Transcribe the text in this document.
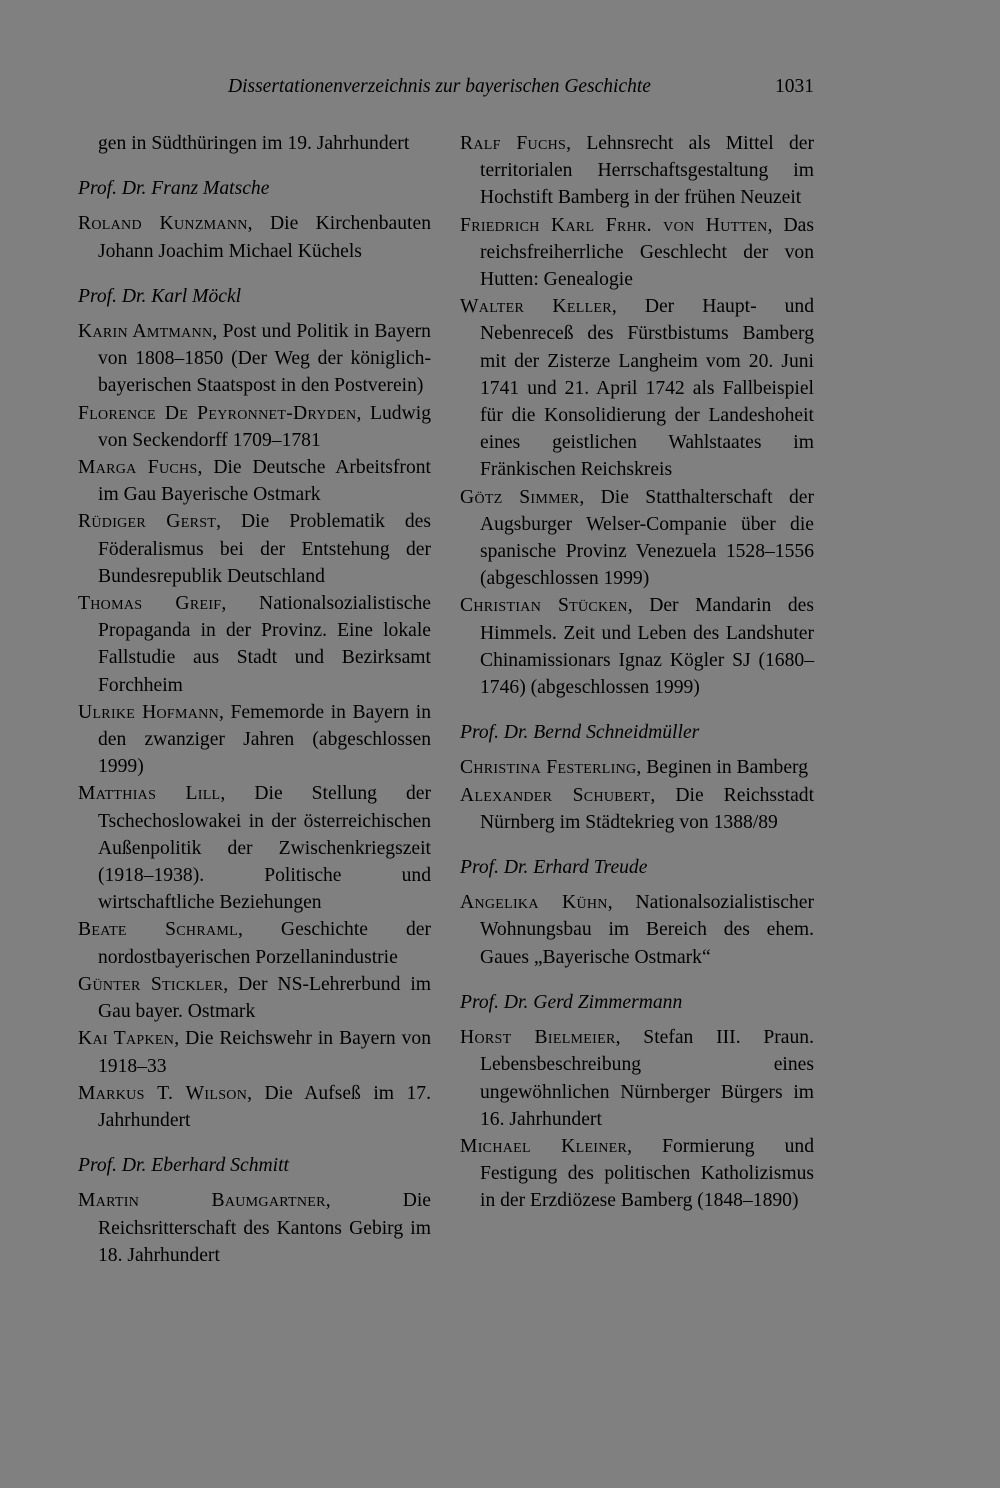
Dissertationenverzeichnis zur bayerischen Geschichte	1031
gen in Südthüringen im 19. Jahrhundert
Prof. Dr. Franz Matsche
Roland Kunzmann, Die Kirchenbauten Johann Joachim Michael Küchels
Prof. Dr. Karl Möckl
Karin Amtmann, Post und Politik in Bayern von 1808–1850 (Der Weg der königlich-bayerischen Staatspost in den Postverein)
Florence De Peyronnet-Dryden, Ludwig von Seckendorff 1709–1781
Marga Fuchs, Die Deutsche Arbeitsfront im Gau Bayerische Ostmark
Rüdiger Gerst, Die Problematik des Föderalismus bei der Entstehung der Bundesrepublik Deutschland
Thomas Greif, Nationalsozialistische Propaganda in der Provinz. Eine lokale Fallstudie aus Stadt und Bezirksamt Forchheim
Ulrike Hofmann, Fememorde in Bayern in den zwanziger Jahren (abgeschlossen 1999)
Matthias Lill, Die Stellung der Tschechoslowakei in der österreichischen Außenpolitik der Zwischenkriegszeit (1918–1938). Politische und wirtschaftliche Beziehungen
Beate Schraml, Geschichte der nordostbayerischen Porzellanindustrie
Günter Stickler, Der NS-Lehrerbund im Gau bayer. Ostmark
Kai Tapken, Die Reichswehr in Bayern von 1918–33
Markus T. Wilson, Die Aufseß im 17. Jahrhundert
Prof. Dr. Eberhard Schmitt
Martin Baumgartner, Die Reichsritterschaft des Kantons Gebirg im 18. Jahrhundert
Ralf Fuchs, Lehnsrecht als Mittel der territorialen Herrschaftsgestaltung im Hochstift Bamberg in der frühen Neuzeit
Friedrich Karl Frhr. von Hutten, Das reichsfreiherrliche Geschlecht der von Hutten: Genealogie
Walter Keller, Der Haupt- und Nebenreceß des Fürstbistums Bamberg mit der Zisterze Langheim vom 20. Juni 1741 und 21. April 1742 als Fallbeispiel für die Konsolidierung der Landeshoheit eines geistlichen Wahlstaates im Fränkischen Reichskreis
Götz Simmer, Die Statthalterschaft der Augsburger Welser-Companie über die spanische Provinz Venezuela 1528–1556 (abgeschlossen 1999)
Christian Stücken, Der Mandarin des Himmels. Zeit und Leben des Landshuter Chinamissionars Ignaz Kögler SJ (1680–1746) (abgeschlossen 1999)
Prof. Dr. Bernd Schneidmüller
Christina Festerling, Beginen in Bamberg
Alexander Schubert, Die Reichsstadt Nürnberg im Städtekrieg von 1388/89
Prof. Dr. Erhard Treude
Angelika Kühn, Nationalsozialistischer Wohnungsbau im Bereich des ehem. Gaues „Bayerische Ostmark“
Prof. Dr. Gerd Zimmermann
Horst Bielmeier, Stefan III. Praun. Lebensbeschreibung eines ungewöhnlichen Nürnberger Bürgers im 16. Jahrhundert
Michael Kleiner, Formierung und Festigung des politischen Katholizismus in der Erzdiözese Bamberg (1848–1890)
